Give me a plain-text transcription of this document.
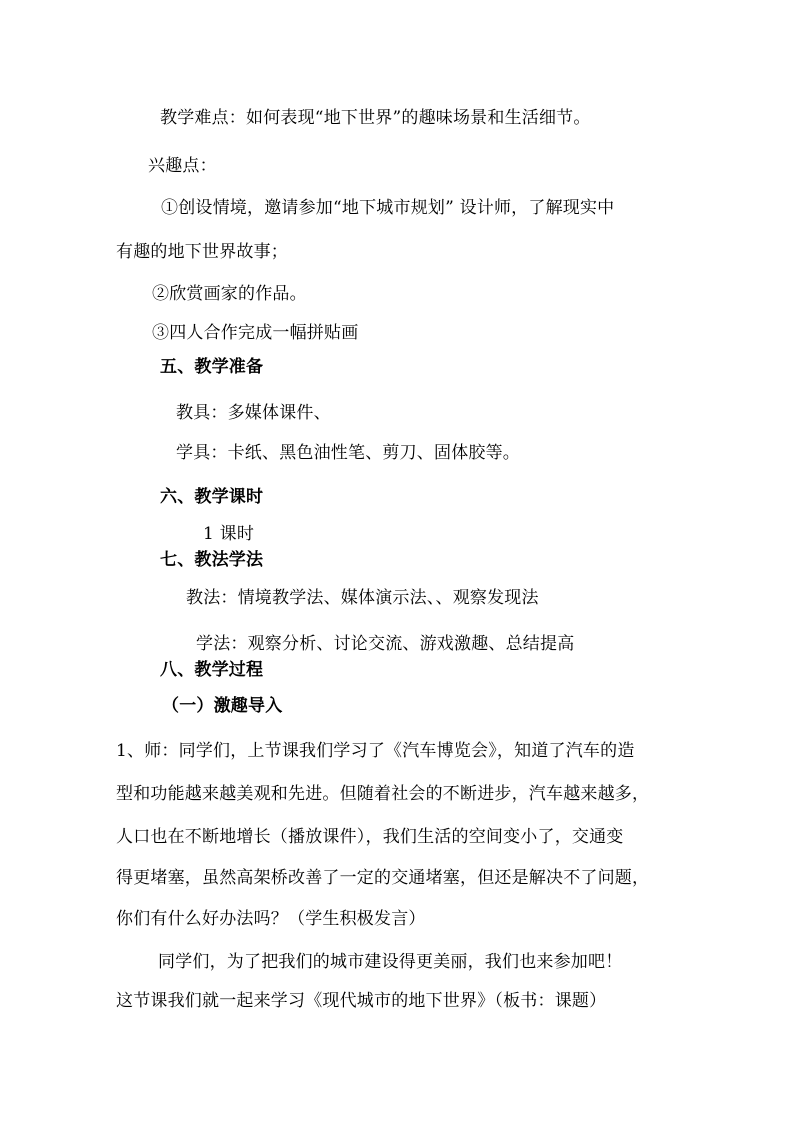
教学难点：如何表现“地下世界”的趣味场景和生活细节。
兴趣点：
①创设情境，邀请参加“地下城市规划” 设计师，了解现实中
有趣的地下世界故事；
②欣赏画家的作品。
③四人合作完成一幅拼贴画
五、教学准备
教具：多媒体课件、
学具：卡纸、黑色油性笔、剪刀、固体胶等。
六、教学课时
1 课时
七、教法学法
教法：情境教学法、媒体演示法、、观察发现法
学法：观察分析、讨论交流、游戏激趣、总结提高
八、教学过程
（一）激趣导入
1、师：同学们，上节课我们学习了《汽车博览会》，知道了汽车的造
型和功能越来越美观和先进。但随着社会的不断进步，汽车越来越多，
人口也在不断地增长（播放课件），我们生活的空间变小了，交通变
得更堵塞，虽然高架桥改善了一定的交通堵塞，但还是解决不了问题，
你们有什么好办法吗？（学生积极发言）
同学们，为了把我们的城市建设得更美丽，我们也来参加吧！
这节课我们就一起来学习《现代城市的地下世界》（板书：课题）
